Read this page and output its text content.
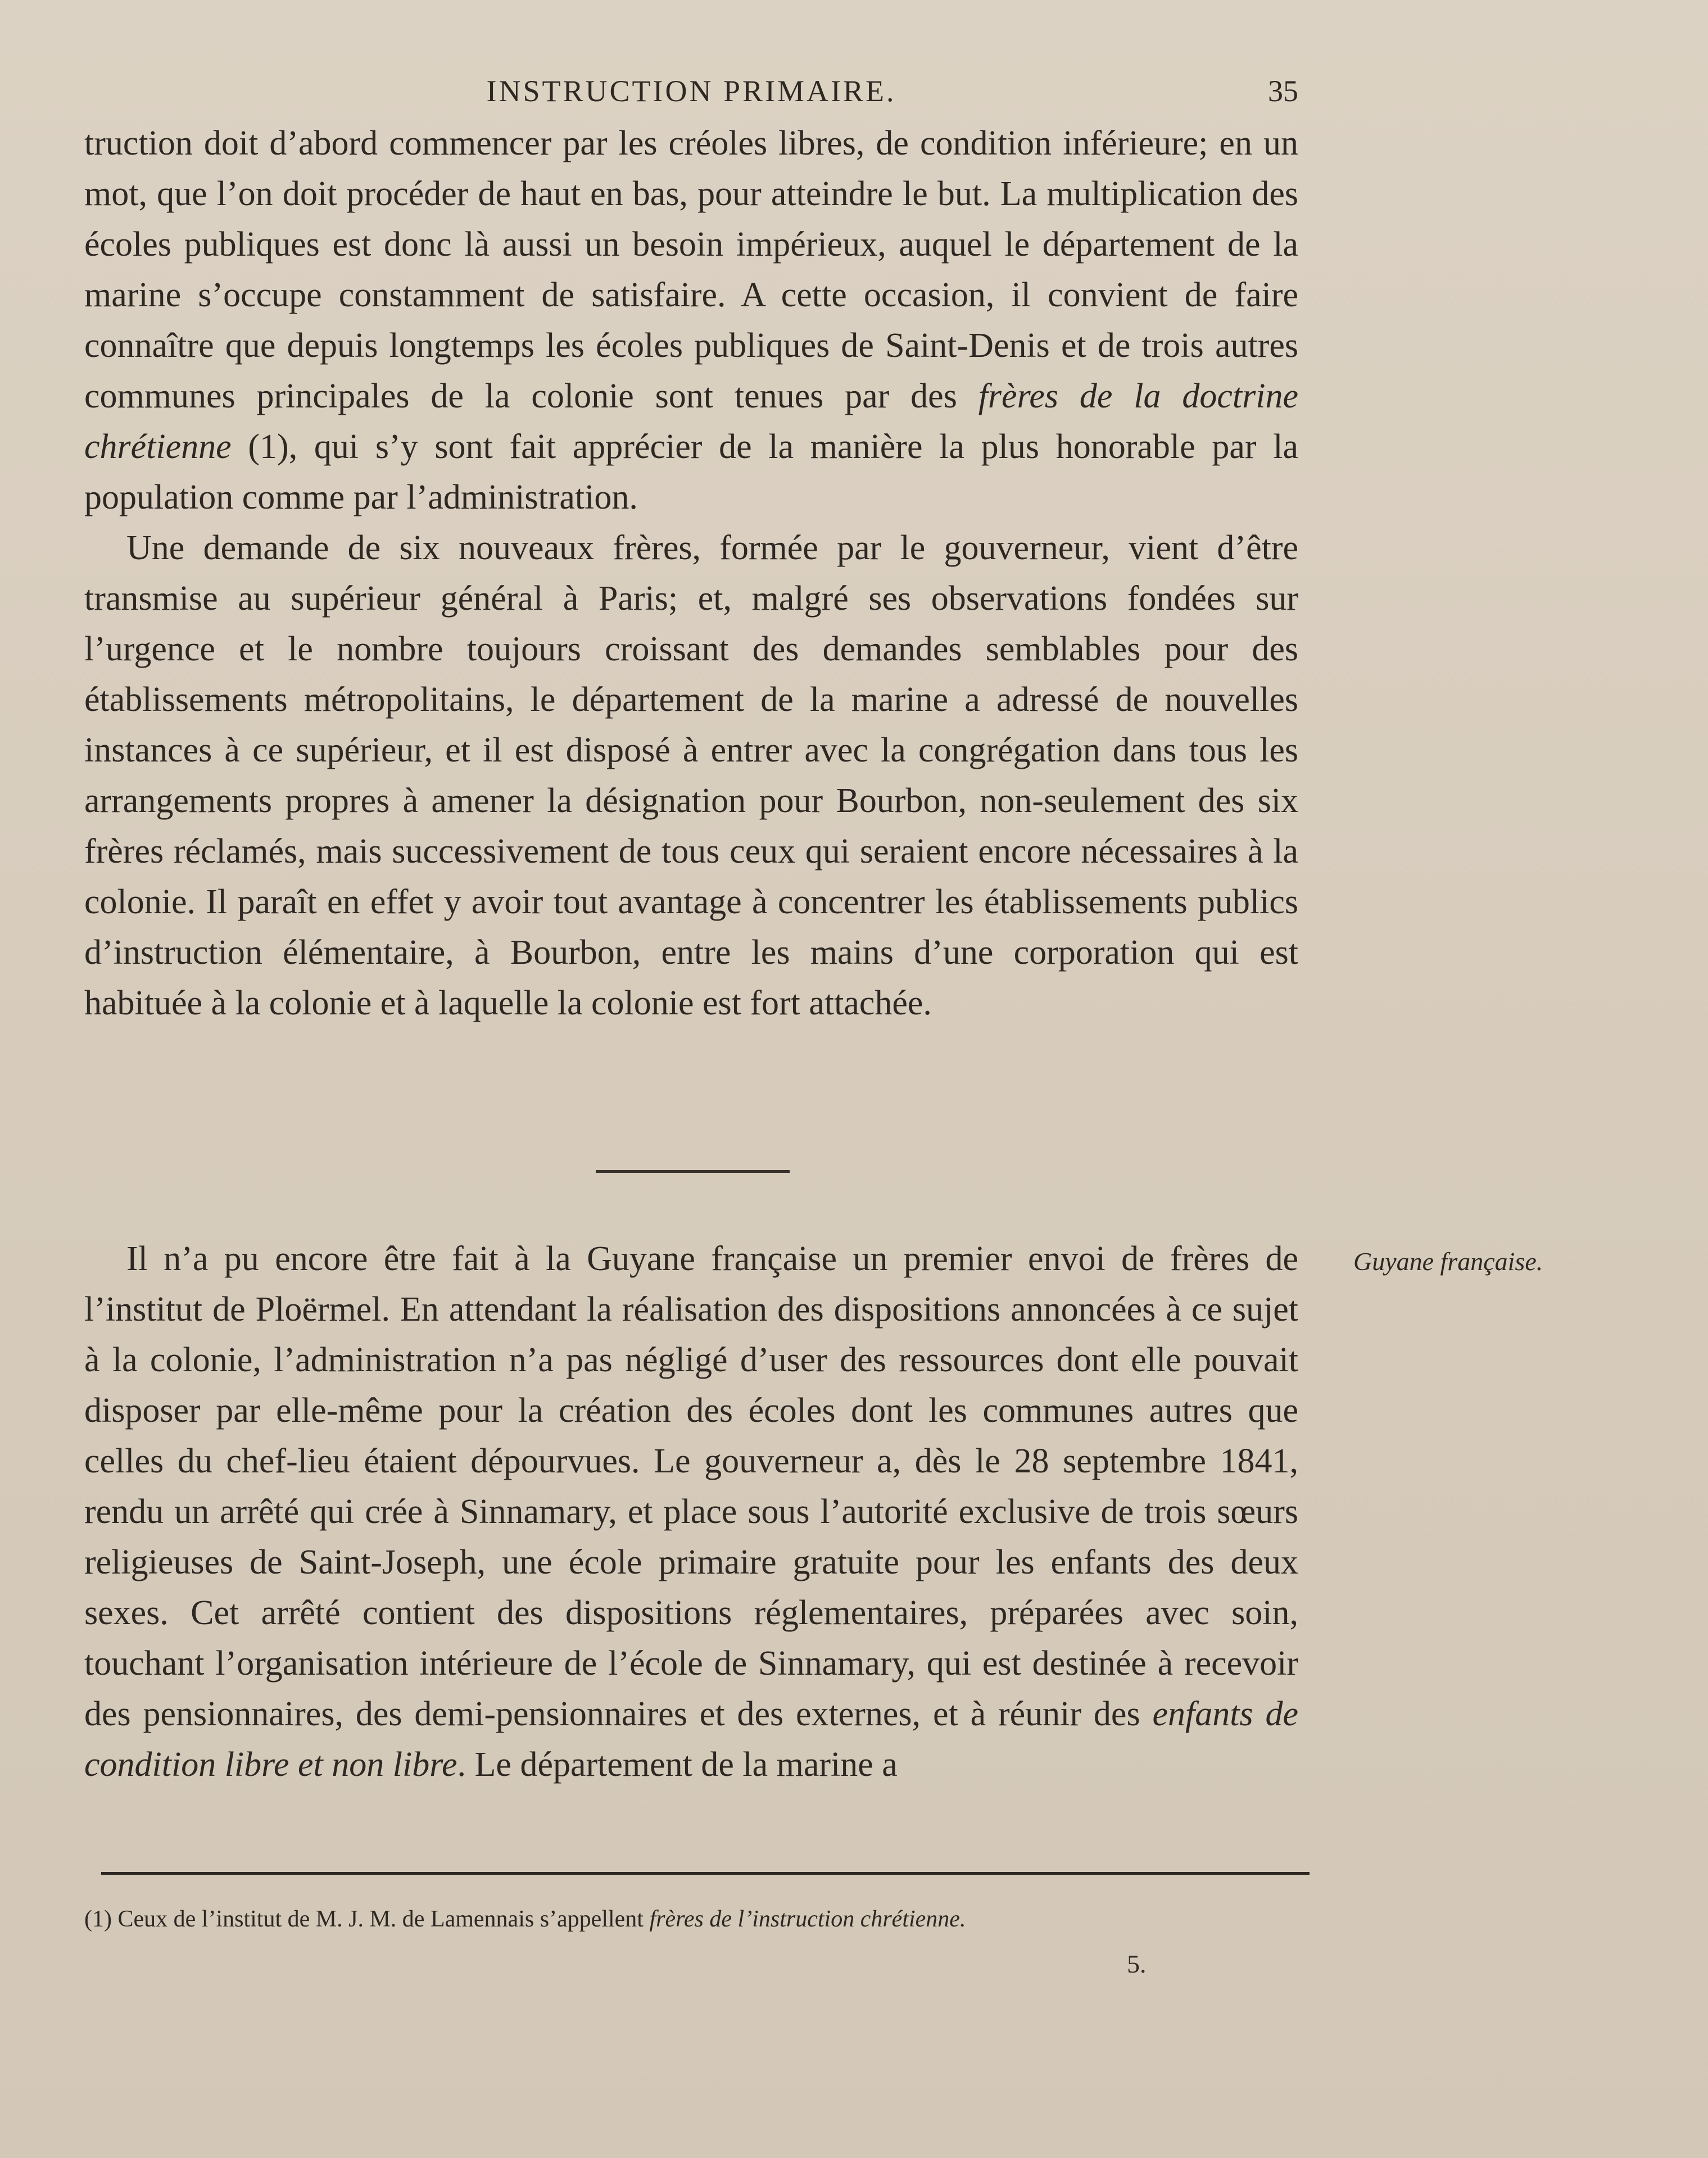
INSTRUCTION PRIMAIRE.	35

truction doit d’abord commencer par les créoles libres, de condition inférieure; en un mot, que l’on doit procéder de haut en bas, pour atteindre le but. La multiplication des écoles publiques est donc là aussi un besoin impérieux, auquel le département de la marine s’occupe constamment de satisfaire. A cette occasion, il convient de faire connaître que depuis longtemps les écoles publiques de Saint-Denis et de trois autres communes principales de la colonie sont tenues par des frères de la doctrine chrétienne (1), qui s’y sont fait apprécier de la manière la plus honorable par la population comme par l’administration.

Une demande de six nouveaux frères, formée par le gouverneur, vient d’être transmise au supérieur général à Paris; et, malgré ses observations fondées sur l’urgence et le nombre toujours croissant des demandes semblables pour des établissements métropolitains, le département de la marine a adressé de nouvelles instances à ce supérieur, et il est disposé à entrer avec la congrégation dans tous les arrangements propres à amener la désignation pour Bourbon, non-seulement des six frères réclamés, mais successivement de tous ceux qui seraient encore nécessaires à la colonie. Il paraît en effet y avoir tout avantage à concentrer les établissements publics d’instruction élémentaire, à Bourbon, entre les mains d’une corporation qui est habituée à la colonie et à laquelle la colonie est fort attachée.

Guyane française.

Il n’a pu encore être fait à la Guyane française un premier envoi de frères de l’institut de Ploërmel. En attendant la réalisation des dispositions annoncées à ce sujet à la colonie, l’administration n’a pas négligé d’user des ressources dont elle pouvait disposer par elle-même pour la création des écoles dont les communes autres que celles du chef-lieu étaient dépourvues. Le gouverneur a, dès le 28 septembre 1841, rendu un arrêté qui crée à Sinnamary, et place sous l’autorité exclusive de trois sœurs religieuses de Saint-Joseph, une école primaire gratuite pour les enfants des deux sexes. Cet arrêté contient des dispositions réglementaires, préparées avec soin, touchant l’organisation intérieure de l’école de Sinnamary, qui est destinée à recevoir des pensionnaires, des demi-pensionnaires et des externes, et à réunir des enfants de condition libre et non libre. Le département de la marine a

(1) Ceux de l’institut de M. J. M. de Lamennais s’appellent frères de l’instruction chrétienne.
5.
